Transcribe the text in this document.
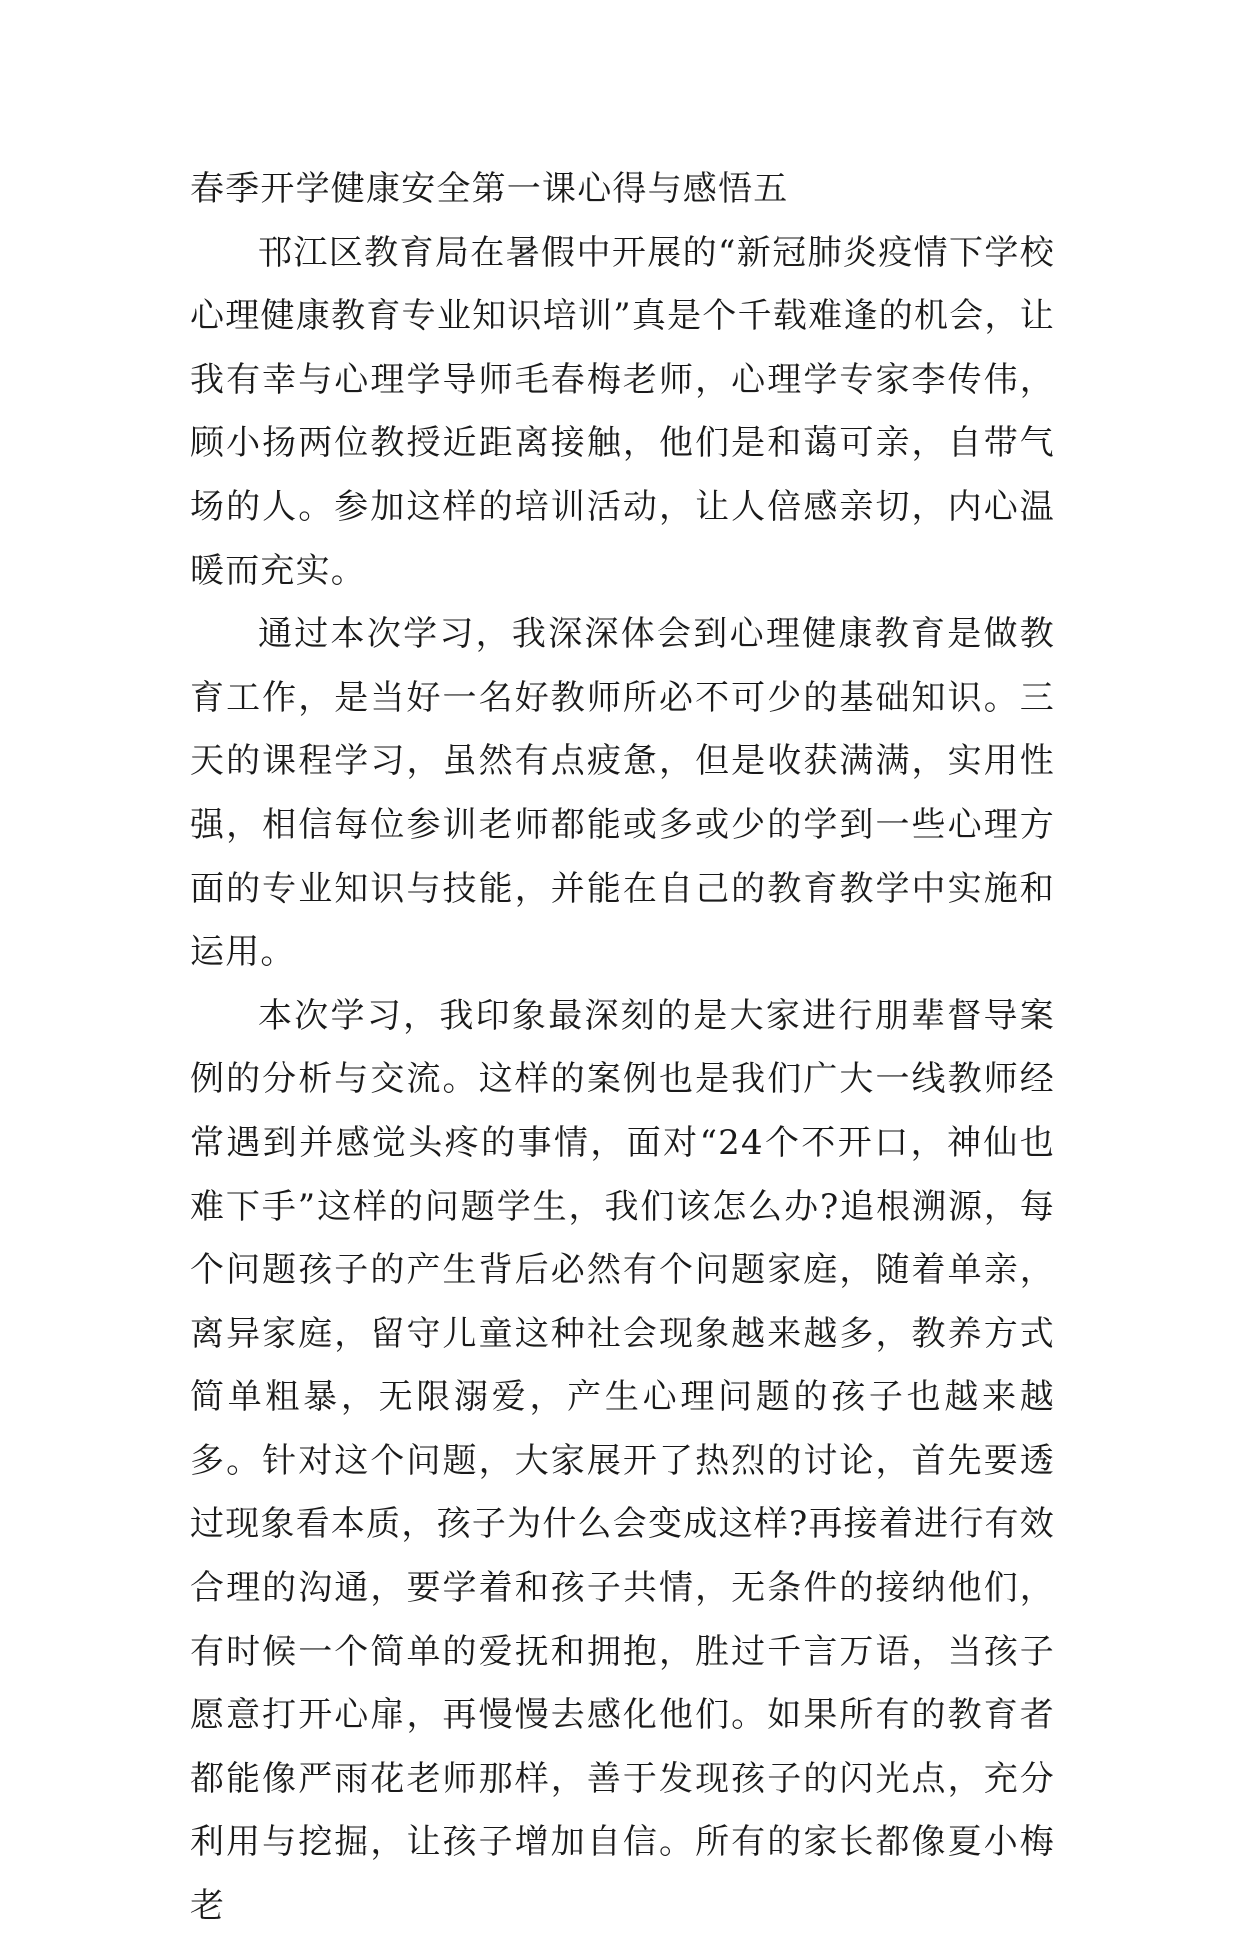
春季开学健康安全第一课心得与感悟五

邗江区教育局在暑假中开展的“新冠肺炎疫情下学校心理健康教育专业知识培训”真是个千载难逢的机会，让我有幸与心理学导师毛春梅老师，心理学专家李传伟，顾小扬两位教授近距离接触，他们是和蔼可亲，自带气场的人。参加这样的培训活动，让人倍感亲切，内心温暖而充实。

通过本次学习，我深深体会到心理健康教育是做教育工作，是当好一名好教师所必不可少的基础知识。三天的课程学习，虽然有点疲惫，但是收获满满，实用性强，相信每位参训老师都能或多或少的学到一些心理方面的专业知识与技能，并能在自己的教育教学中实施和运用。

本次学习，我印象最深刻的是大家进行朋辈督导案例的分析与交流。这样的案例也是我们广大一线教师经常遇到并感觉头疼的事情，面对“24个不开口，神仙也难下手”这样的问题学生，我们该怎么办?追根溯源，每个问题孩子的产生背后必然有个问题家庭，随着单亲，离异家庭，留守儿童这种社会现象越来越多，教养方式简单粗暴，无限溺爱，产生心理问题的孩子也越来越多。针对这个问题，大家展开了热烈的讨论，首先要透过现象看本质，孩子为什么会变成这样?再接着进行有效合理的沟通，要学着和孩子共情，无条件的接纳他们，有时候一个简单的爱抚和拥抱，胜过千言万语，当孩子愿意打开心扉，再慢慢去感化他们。如果所有的教育者都能像严雨花老师那样，善于发现孩子的闪光点，充分利用与挖掘，让孩子增加自信。所有的家长都像夏小梅老
